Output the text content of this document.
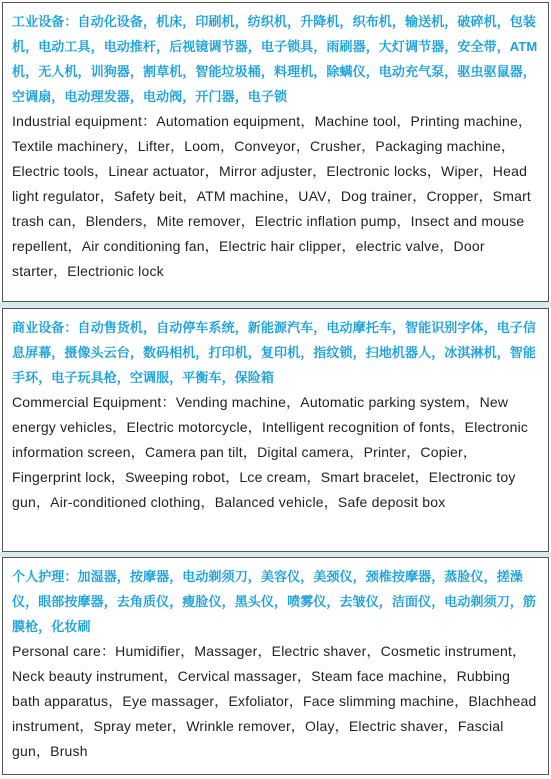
工业设备：自动化设备，机床，印刷机，纺织机，升降机，织布机，输送机，破碎机，包装机，电动工具，电动推杆，后视镜调节器，电子锁具，雨刷器，大灯调节器，安全带，ATM机，无人机，训狗器，割草机，智能垃圾桶，料理机，除螨仪，电动充气泵，驱虫驱鼠器，空调扇，电动理发器，电动阀，开门器，电子锁

Industrial equipment：Automation equipment，Machine tool，Printing machine，Textile machinery，Lifter，Loom，Conveyor，Crusher，Packaging machine，Electric tools，Linear actuator，Mirror adjuster，Electronic locks，Wiper，Head light regulator，Safety beit，ATM machine，UAV，Dog trainer，Cropper，Smart trash can，Blenders，Mite remover，Electric inflation pump，Insect and mouse repellent，Air conditioning fan，Electric hair clipper，electric valve，Door starter，Electrionic lock

商业设备：自动售货机，自动停车系统，新能源汽车，电动摩托车，智能识别字体，电子信息屏幕，摄像头云台，数码相机，打印机，复印机，指纹锁，扫地机器人，冰淇淋机，智能手环，电子玩具枪，空调服，平衡车，保险箱

Commercial Equipment：Vending machine，Automatic parking system，New energy vehicles，Electric motorcycle，Intelligent recognition of fonts，Electronic information screen，Camera pan tilt，Digital camera，Printer，Copier，Fingerprint lock，Sweeping robot，Lce cream，Smart bracelet，Electronic toy gun，Air-conditioned clothing，Balanced vehicle，Safe deposit box

个人护理：加湿器，按摩器，电动剃须刀，美容仪，美颈仪，颈椎按摩器，蒸脸仪，搓澡仪，眼部按摩器，去角质仪，瘦脸仪，黑头仪，喷雾仪，去皱仪，洁面仪，电动剃须刀，筋膜枪，化妆刷

Personal care：Humidifier，Massager，Electric shaver，Cosmetic instrument，Neck beauty instrument，Cervical massager，Steam face machine，Rubbing bath apparatus，Eye massager，Exfoliator，Face slimming machine，Blachhead instrument，Spray meter，Wrinkle remover，Olay，Electric shaver，Fascial gun，Brush
